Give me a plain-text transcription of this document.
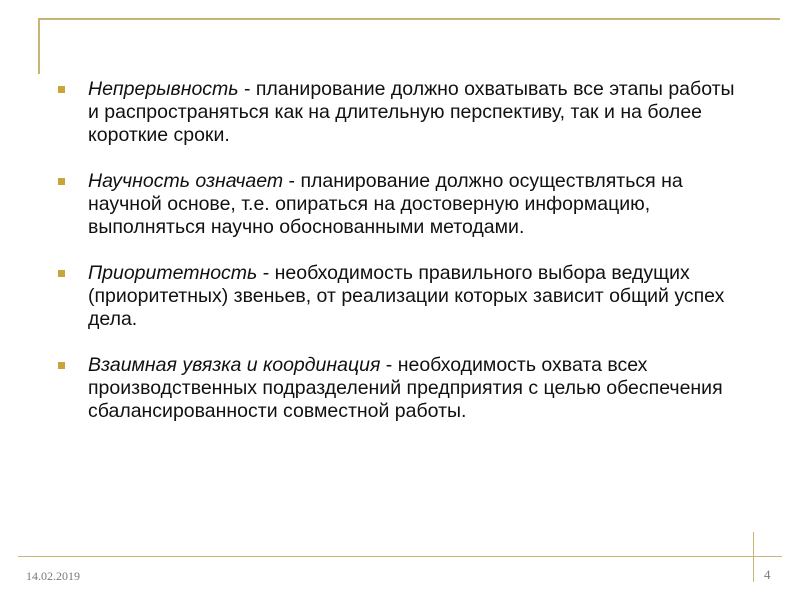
Непрерывность - планирование должно охватывать все этапы работы и распространяться как на длительную перспективу, так и на более короткие сроки.
Научность означает - планирование должно осуществляться на научной основе, т.е. опираться на достоверную информацию, выполняться научно обоснованными методами.
Приоритетность - необходимость правильного выбора ведущих (приоритетных) звеньев, от реализации которых зависит общий успех дела.
Взаимная увязка и координация - необходимость охвата всех производственных подразделений предприятия с целью обеспечения сбалансированности совместной работы.
14.02.2019	4
